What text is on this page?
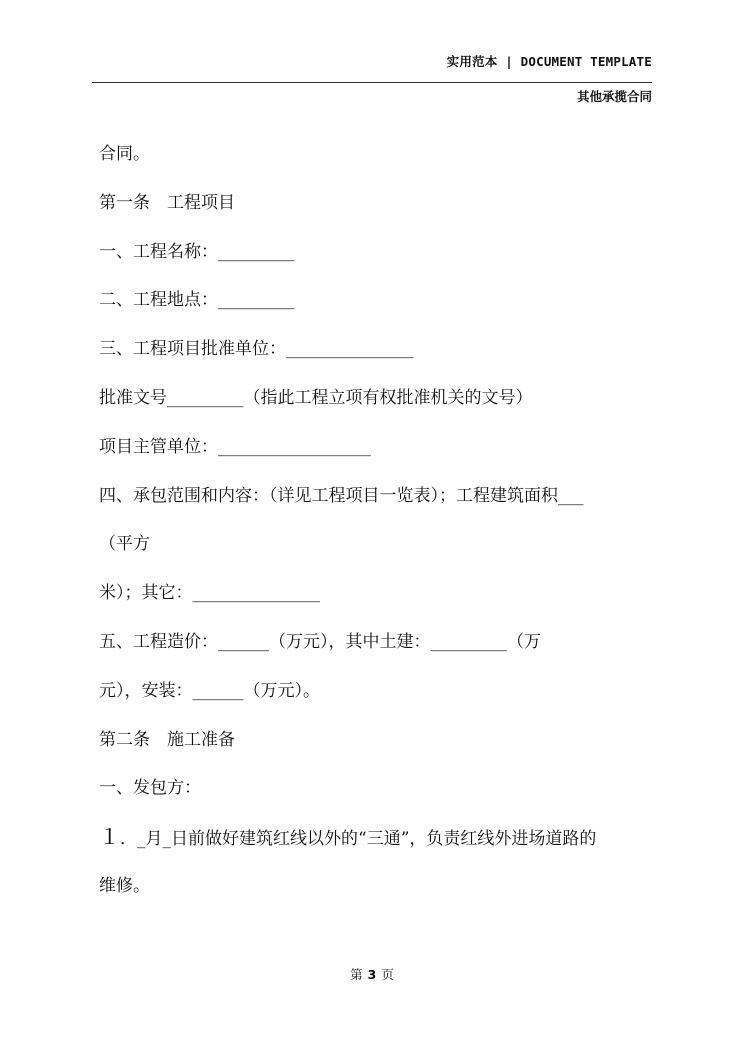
实用范本 | DOCUMENT TEMPLATE
其他承揽合同
合同。
第一条　工程项目
一、工程名称：_________
二、工程地点：_________
三、工程项目批准单位：_______________
批准文号_________（指此工程立项有权批准机关的文号）
项目主管单位：__________________
四、承包范围和内容：（详见工程项目一览表）；工程建筑面积___
（平方
米）；其它：_______________
五、工程造价：______（万元），其中土建：_________（万
元），安装：______（万元）。
第二条　施工准备
一、发包方：
１．_月_日前做好建筑红线以外的“三通”，负责红线外进场道路的
维修。
第 3 页
